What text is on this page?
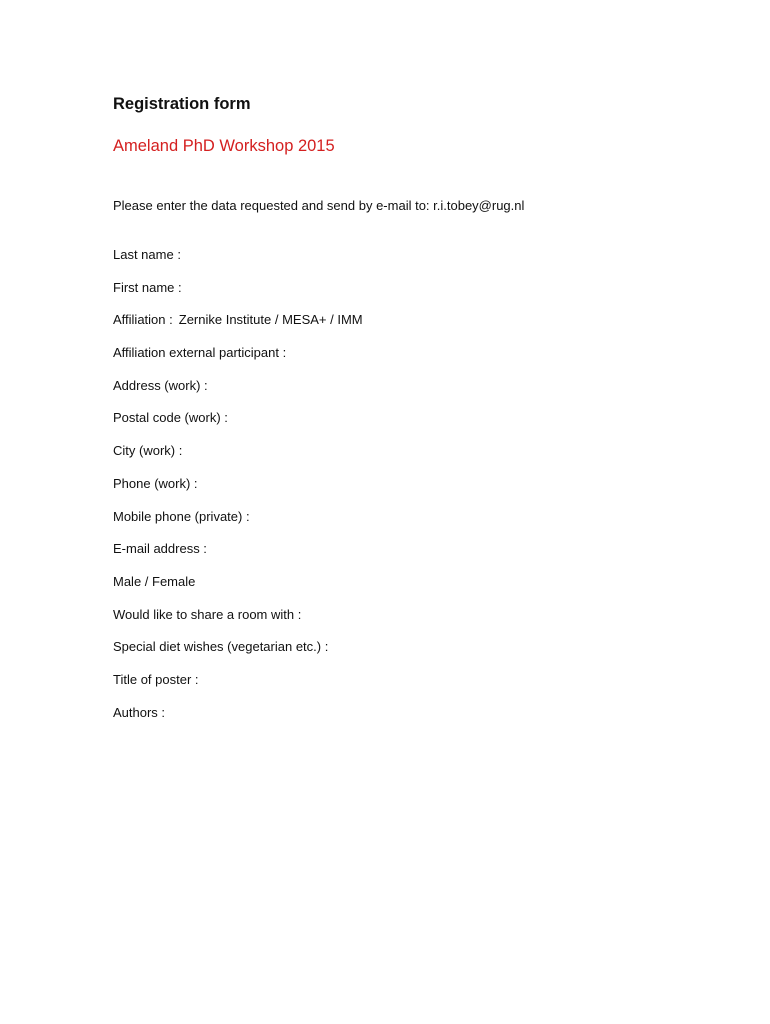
Registration form
Ameland PhD Workshop 2015

Please enter the data requested and send by e-mail to: r.i.tobey@rug.nl

Last name :
First name :
Affiliation : Zernike Institute / MESA+ / IMM
Affiliation external participant :
Address (work) :
Postal code (work) :
City (work) :
Phone (work) :
Mobile phone (private) :
E-mail address :
Male / Female
Would like to share a room with :
Special diet wishes (vegetarian etc.) :
Title of poster :
Authors :
